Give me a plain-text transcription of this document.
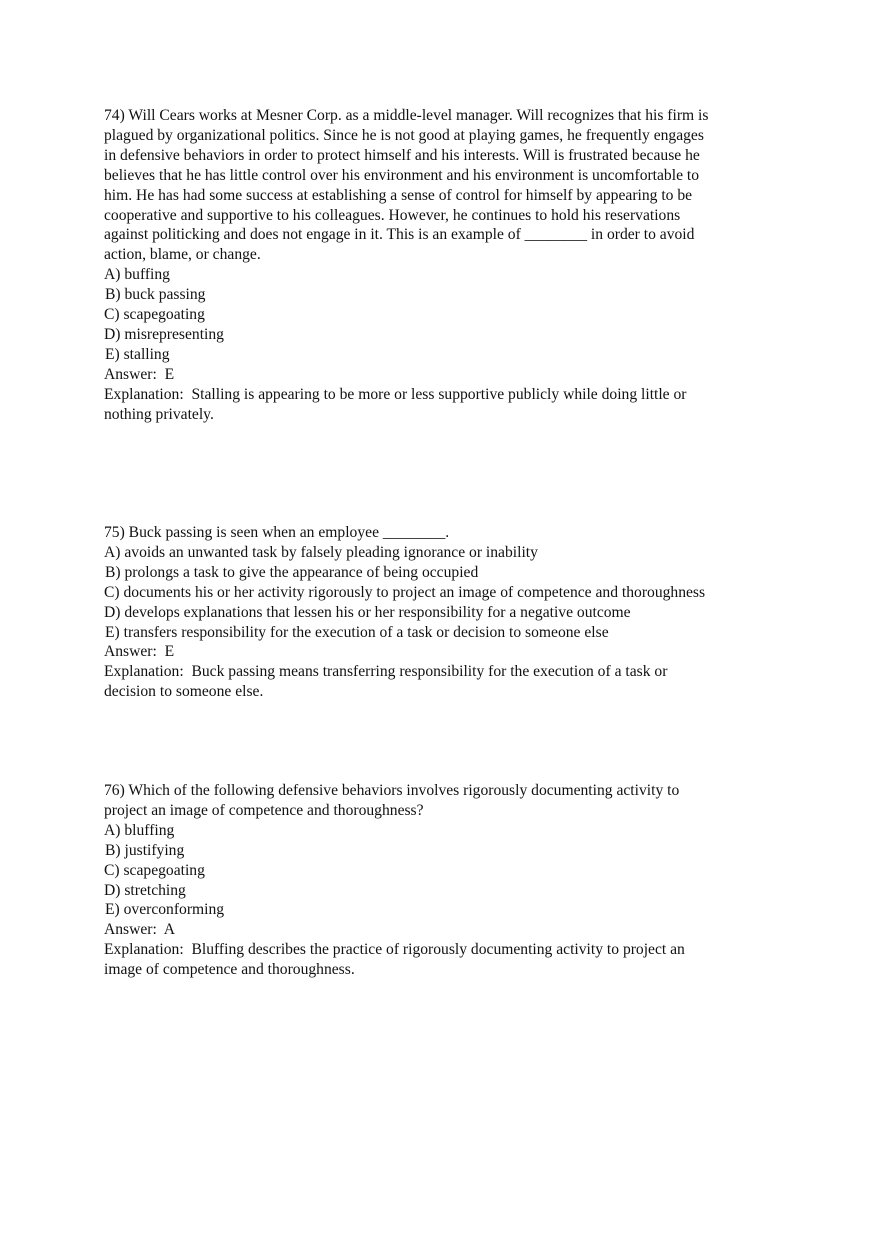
74) Will Cears works at Mesner Corp. as a middle-level manager. Will recognizes that his firm is
plagued by organizational politics. Since he is not good at playing games, he frequently engages
in defensive behaviors in order to protect himself and his interests. Will is frustrated because he
believes that he has little control over his environment and his environment is uncomfortable to
him. He has had some success at establishing a sense of control for himself by appearing to be
cooperative and supportive to his colleagues. However, he continues to hold his reservations
against politicking and does not engage in it. This is an example of ________ in order to avoid
action, blame, or change.
A) buffing
B) buck passing
C) scapegoating
D) misrepresenting
E) stalling
Answer:  E
Explanation:  Stalling is appearing to be more or less supportive publicly while doing little or
nothing privately.
75) Buck passing is seen when an employee ________.
A) avoids an unwanted task by falsely pleading ignorance or inability
B) prolongs a task to give the appearance of being occupied
C) documents his or her activity rigorously to project an image of competence and thoroughness
D) develops explanations that lessen his or her responsibility for a negative outcome
E) transfers responsibility for the execution of a task or decision to someone else
Answer:  E
Explanation:  Buck passing means transferring responsibility for the execution of a task or
decision to someone else.
76) Which of the following defensive behaviors involves rigorously documenting activity to
project an image of competence and thoroughness?
A) bluffing
B) justifying
C) scapegoating
D) stretching
E) overconforming
Answer:  A
Explanation:  Bluffing describes the practice of rigorously documenting activity to project an
image of competence and thoroughness.
